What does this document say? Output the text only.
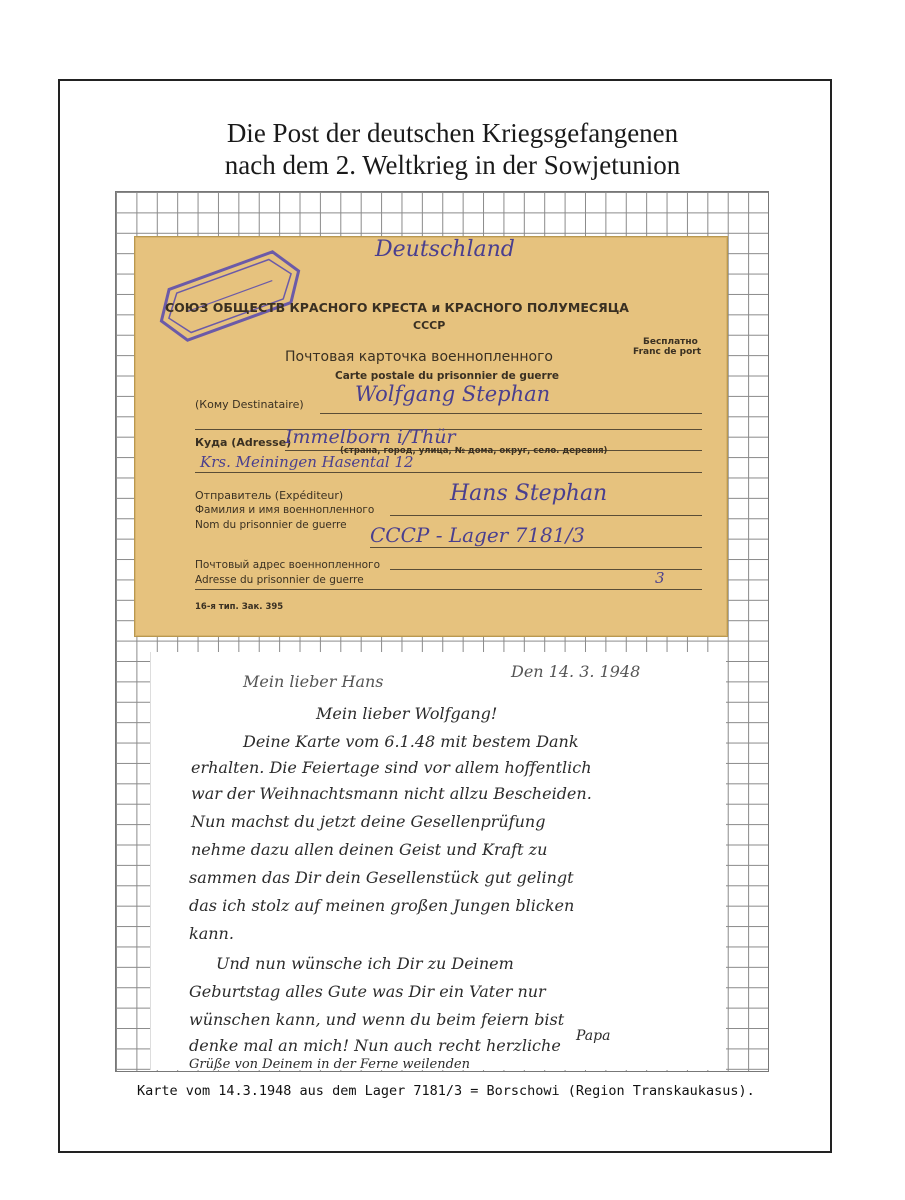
Die Post der deutschen Kriegsgefangenen
nach dem 2. Weltkrieg in der Sowjetunion
Deutschland
СОЮЗ ОБЩЕСТВ КРАСНОГО КРЕСТА и КРАСНОГО ПОЛУМЕСЯЦА
СССР
Бесплатно
Franc de port
Почтовая карточка военнопленного
Carte postale du prisonnier de guerre
(Кому Destinataire) Wolfgang Stephan
Куда (Adresse)
Immelborn i/Thür
(страна, город, улица, № дома, округ, село. деревня)
Krs. Meiningen Hasental 12
Отправитель (Expéditeur)
Фамилия и имя военнопленного
Nom du prisonnier de guerre
Hans Stephan
СССР - Lager 7181/3
Почтовый адрес военнопленного
Adresse du prisonnier de guerre	3
16-я тип. Зак. 395
Mein lieber Hans
Den 14. 3. 1948
Mein lieber Wolfgang!
Deine Karte vom 6.1.48 mit bestem Dank
erhalten. Die Feiertage sind vor allem hoffentlich
war der Weihnachtsmann nicht allzu Bescheiden.
Nun machst du jetzt deine Gesellenprüfung
nehme dazu allen deinen Geist und Kraft zu
sammen das Dir dein Gesellenstück gut gelingt
das ich stolz auf meinen großen Jungen blicken
kann.
Und nun wünsche ich Dir zu Deinem
Geburtstag alles Gute was Dir ein Vater nur
wünschen kann, und wenn du beim feiern bist
denke mal an mich! Nun auch recht herzliche
Grüße von Deinem in der Ferne weilenden
Papa
Karte vom 14.3.1948 aus dem Lager 7181/3 = Borschowi (Region Transkaukasus).
